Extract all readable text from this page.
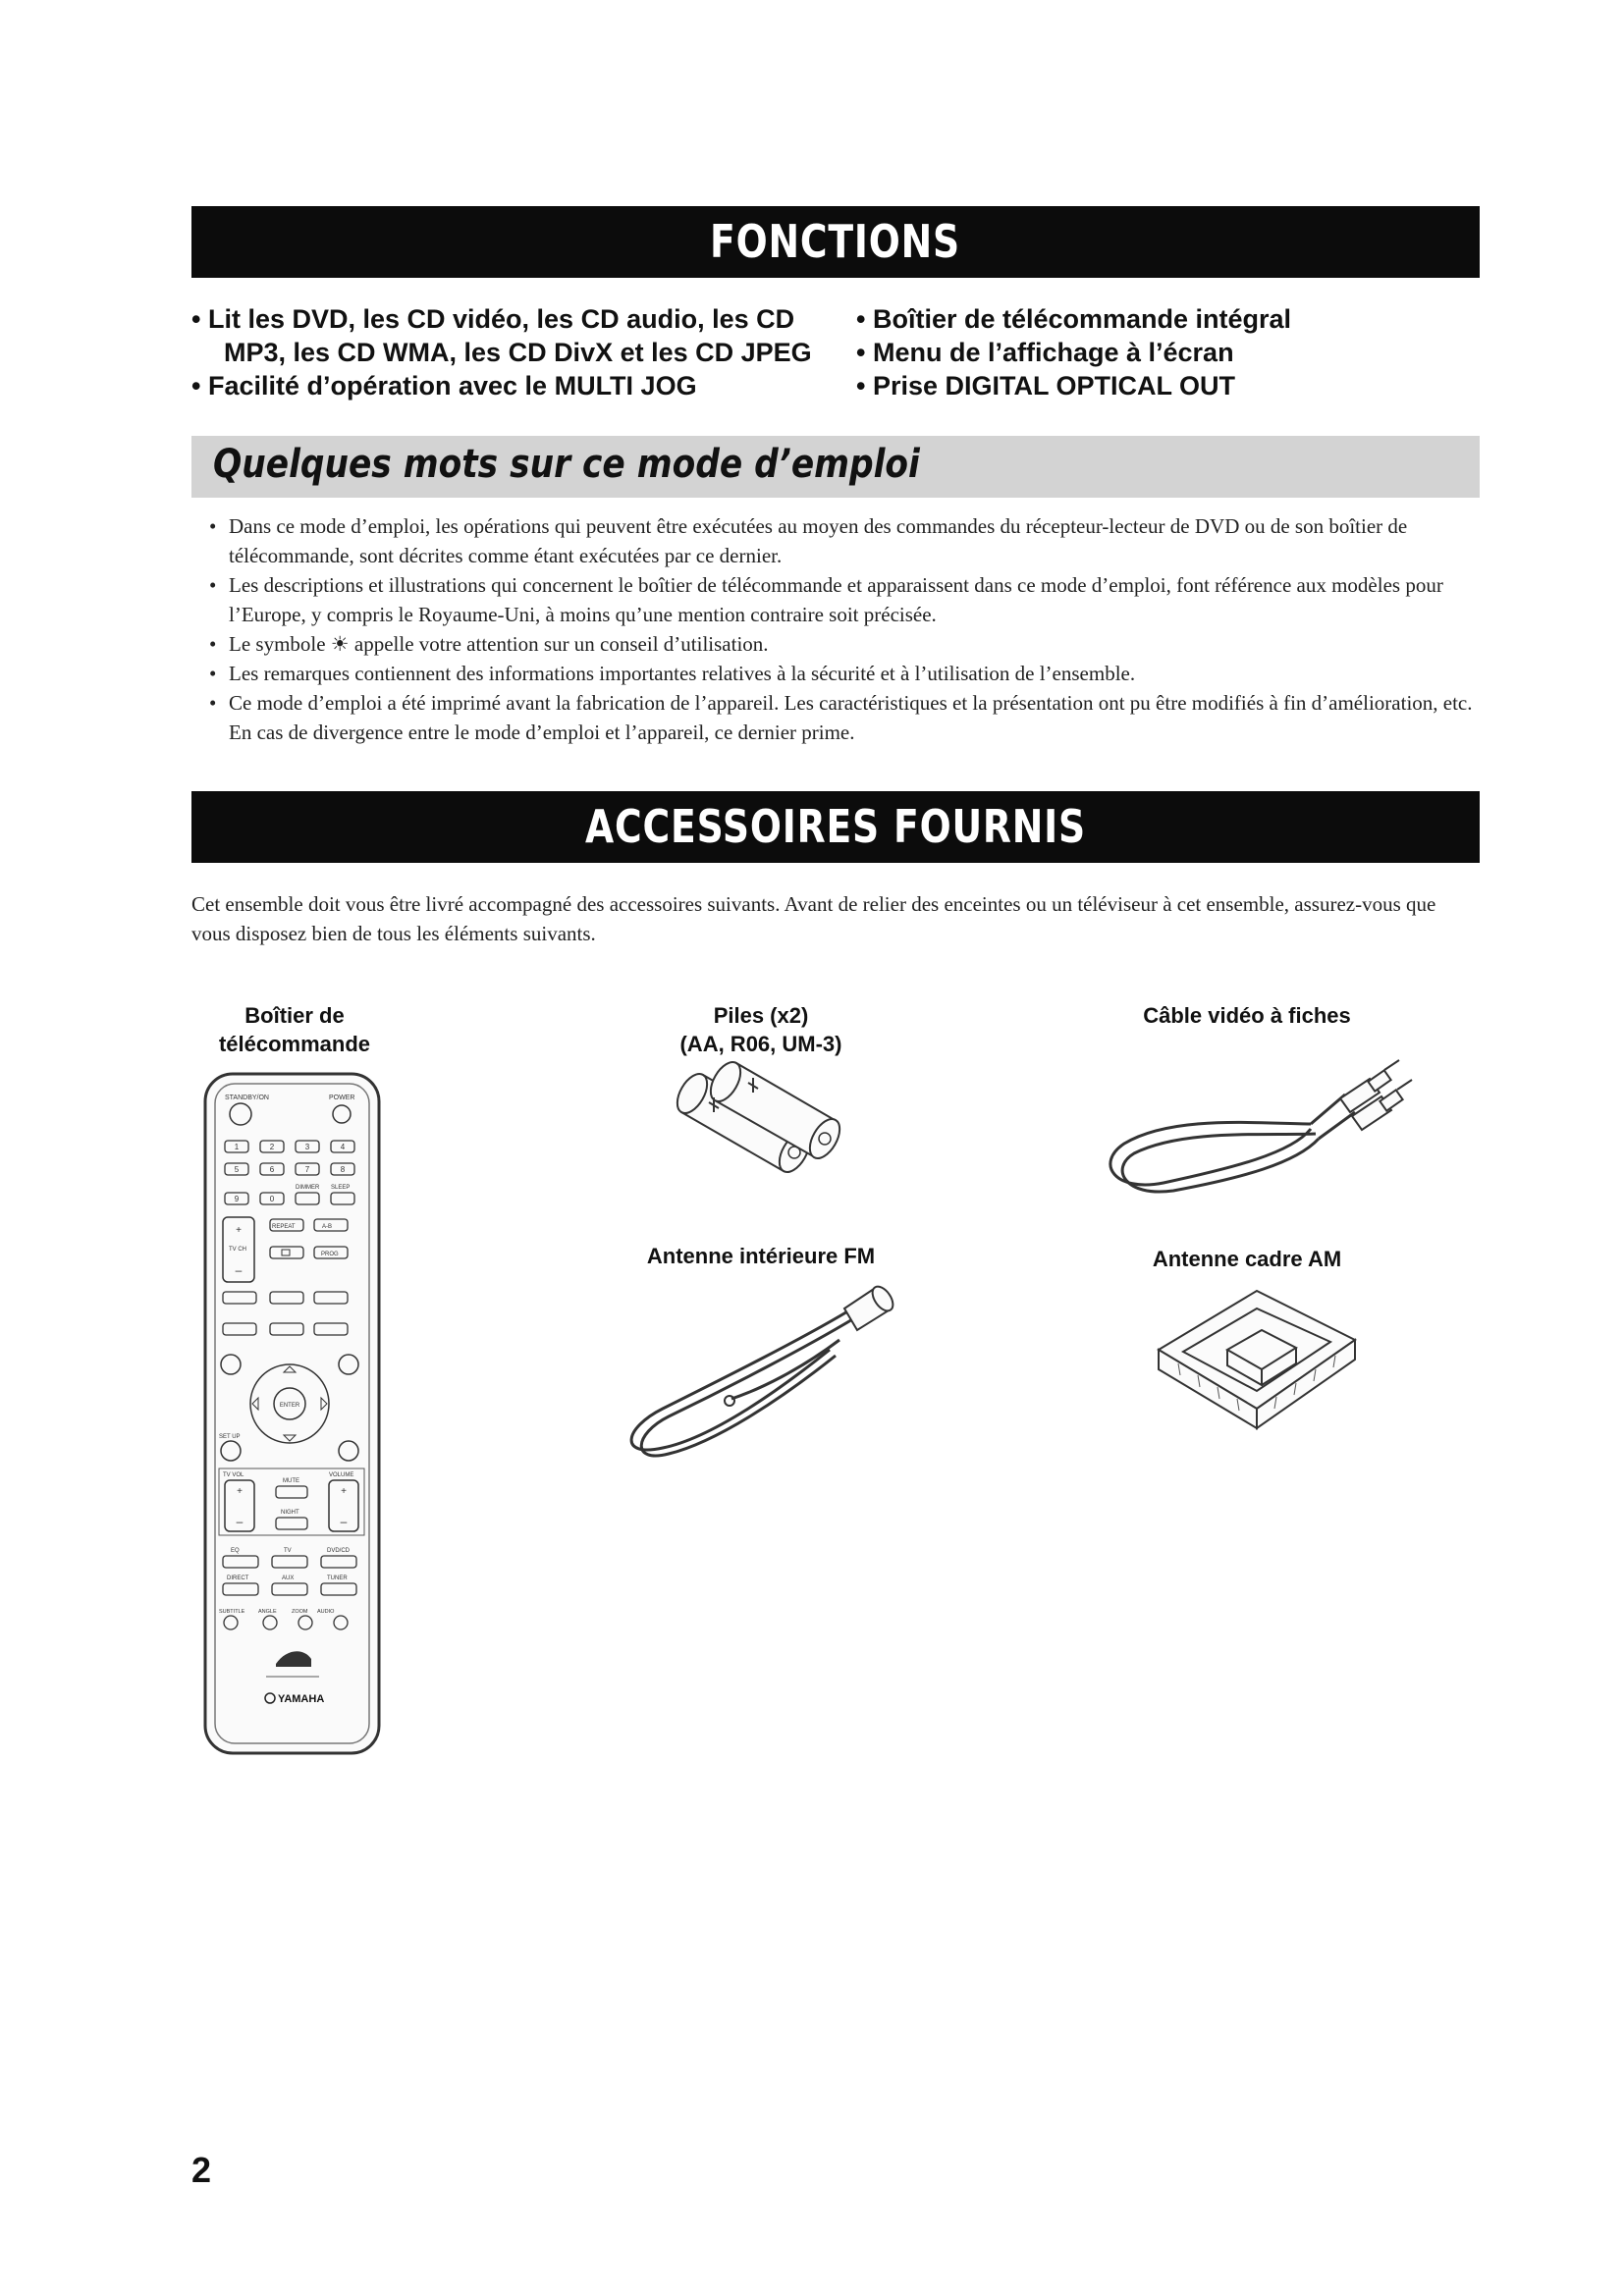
FONCTIONS
• Lit les DVD, les CD vidéo, les CD audio, les CD
MP3, les CD WMA, les CD DivX et les CD JPEG
• Facilité d’opération avec le MULTI JOG
• Boîtier de télécommande intégral
• Menu de l’affichage à l’écran
• Prise DIGITAL OPTICAL OUT
Quelques mots sur ce mode d’emploi
• Dans ce mode d’emploi, les opérations qui peuvent être exécutées au moyen des commandes du récepteur-lecteur de DVD ou de son boîtier de télécommande, sont décrites comme étant exécutées par ce dernier.
• Les descriptions et illustrations qui concernent le boîtier de télécommande et apparaissent dans ce mode d’emploi, font référence aux modèles pour l’Europe, y compris le Royaume-Uni, à moins qu’une mention contraire soit précisée.
• Le symbole ☀ appelle votre attention sur un conseil d’utilisation.
• Les remarques contiennent des informations importantes relatives à la sécurité et à l’utilisation de l’ensemble.
• Ce mode d’emploi a été imprimé avant la fabrication de l’appareil. Les caractéristiques et la présentation ont pu être modifiés à fin d’amélioration, etc. En cas de divergence entre le mode d’emploi et l’appareil, ce dernier prime.
ACCESSOIRES FOURNIS
Cet ensemble doit vous être livré accompagné des accessoires suivants. Avant de relier des enceintes ou un téléviseur à cet ensemble, assurez-vous que vous disposez bien de tous les éléments suivants.
Boîtier de
télécommande
Piles (x2)
(AA, R06, UM-3)
Câble vidéo à fiches
Antenne intérieure FM	Antenne cadre AM
STANDBY/ON	POWER
1	2	3	4
5	6	7	8
9	0
DIMMER SLEEP
+
–
TV CH
REPEAT	A-B
PROG
ENTER
SET UP
TV VOL	VOLUME
+
–
+
–
MUTE
NIGHT
EQ	TV	DVD/CD
DIRECT	AUX	TUNER
SUBTITLE ANGLE	ZOOM AUDIO
YAMAHA
2
